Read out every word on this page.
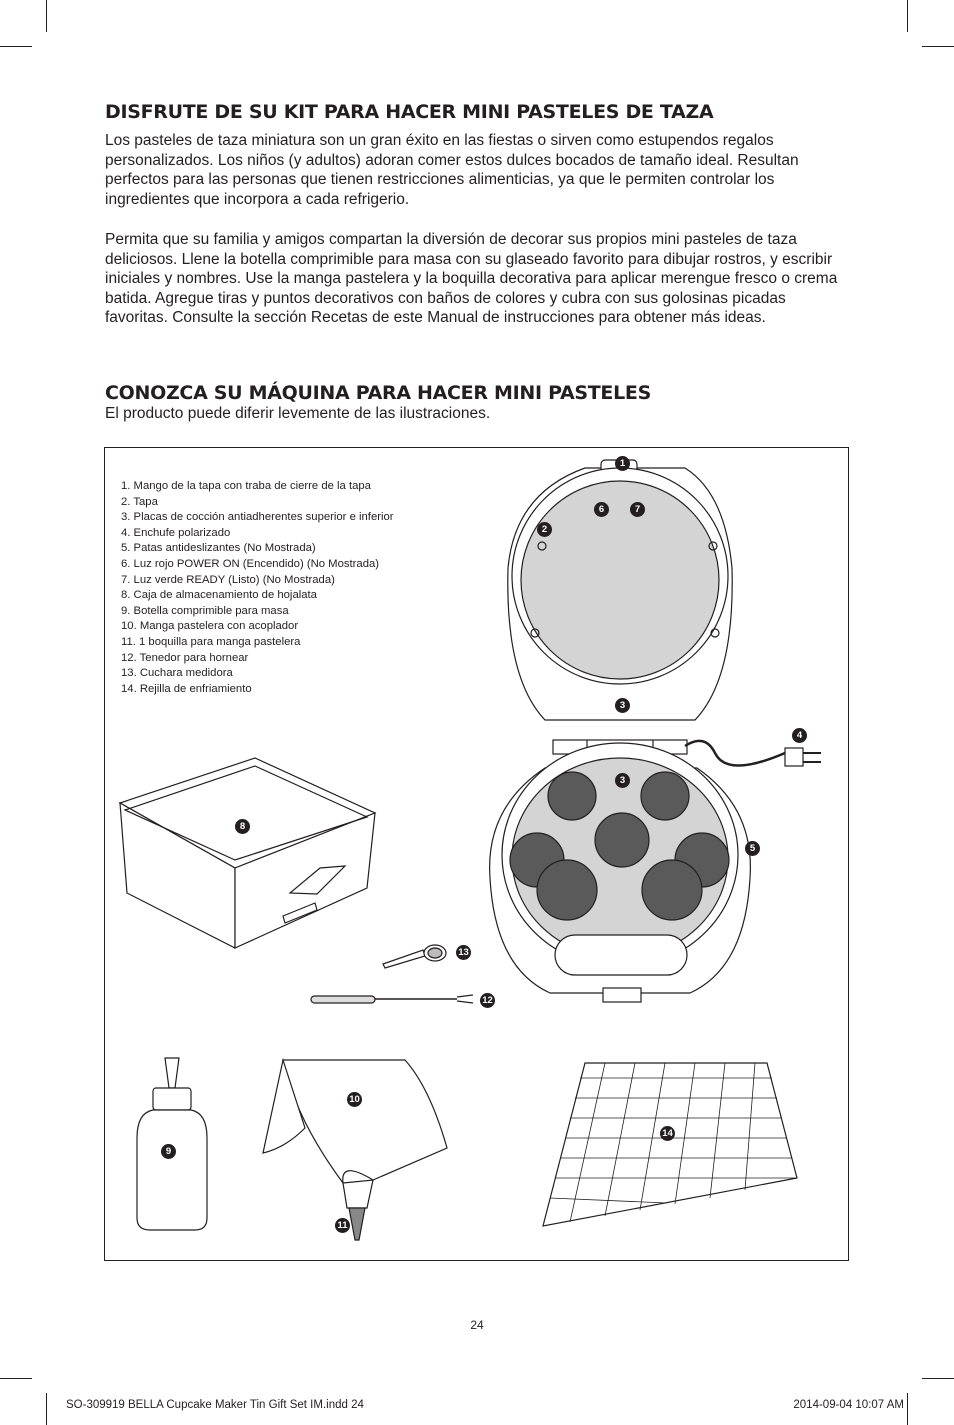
DISFRUTE DE SU KIT PARA HACER MINI PASTELES DE TAZA

Los pasteles de taza miniatura son un gran éxito en las fiestas o sirven como estupendos regalos personalizados. Los niños (y adultos) adoran comer estos dulces bocados de tamaño ideal. Resultan perfectos para las personas que tienen restricciones alimenticias, ya que le permiten controlar los ingredientes que incorpora a cada refrigerio.

Permita que su familia y amigos compartan la diversión de decorar sus propios mini pasteles de taza deliciosos. Llene la botella comprimible para masa con su glaseado favorito para dibujar rostros, y escribir iniciales y nombres. Use la manga pastelera y la boquilla decorativa para aplicar merengue fresco o crema batida. Agregue tiras y puntos decorativos con baños de colores y cubra con sus golosinas picadas favoritas. Consulte la sección Recetas de este Manual de instrucciones para obtener más ideas.

CONOZCA SU MÁQUINA PARA HACER MINI PASTELES

El producto puede diferir levemente de las ilustraciones.

1. Mango de la tapa con traba de cierre de la tapa
2. Tapa
3. Placas de cocción antiadherentes superior e inferior
4. Enchufe polarizado
5. Patas antideslizantes (No Mostrada)
6. Luz rojo POWER ON (Encendido) (No Mostrada)
7. Luz verde READY (Listo) (No Mostrada)
8. Caja de almacenamiento de hojalata
9. Botella comprimible para masa
10. Manga pastelera con acoplador
11. 1 boquilla para manga pastelera
12. Tenedor para hornear
13. Cuchara medidora
14. Rejilla de enfriamiento
1
2
6	7
3
4
3
8
5
13
12
10
14
9
11
24
SO-309919 BELLA Cupcake Maker Tin Gift Set IM.indd 24	2014-09-04 10:07 AM
